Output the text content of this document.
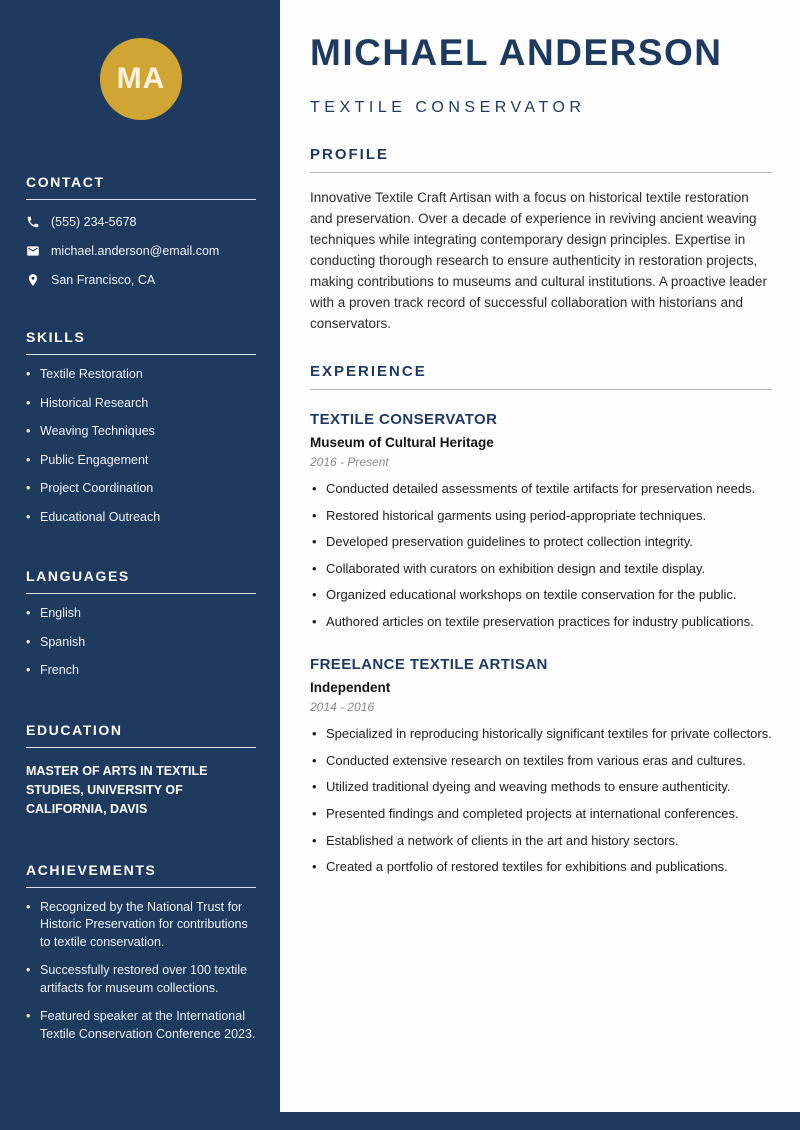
MA
CONTACT
(555) 234-5678
michael.anderson@email.com
San Francisco, CA
SKILLS
• Textile Restoration
• Historical Research
• Weaving Techniques
• Public Engagement
• Project Coordination
• Educational Outreach
LANGUAGES
• English
• Spanish
• French
EDUCATION
MASTER OF ARTS IN TEXTILE STUDIES, UNIVERSITY OF CALIFORNIA, DAVIS
ACHIEVEMENTS
• Recognized by the National Trust for Historic Preservation for contributions to textile conservation.
• Successfully restored over 100 textile artifacts for museum collections.
• Featured speaker at the International Textile Conservation Conference 2023.
MICHAEL ANDERSON
TEXTILE CONSERVATOR
PROFILE

Innovative Textile Craft Artisan with a focus on historical textile restoration and preservation. Over a decade of experience in reviving ancient weaving techniques while integrating contemporary design principles. Expertise in conducting thorough research to ensure authenticity in restoration projects, making contributions to museums and cultural institutions. A proactive leader with a proven track record of successful collaboration with historians and conservators.

EXPERIENCE
TEXTILE CONSERVATOR
Museum of Cultural Heritage
2016 - Present
• Conducted detailed assessments of textile artifacts for preservation needs.
• Restored historical garments using period-appropriate techniques.
• Developed preservation guidelines to protect collection integrity.
• Collaborated with curators on exhibition design and textile display.
• Organized educational workshops on textile conservation for the public.
• Authored articles on textile preservation practices for industry publications.
FREELANCE TEXTILE ARTISAN
Independent
2014 - 2016
• Specialized in reproducing historically significant textiles for private collectors.
• Conducted extensive research on textiles from various eras and cultures.
• Utilized traditional dyeing and weaving methods to ensure authenticity.
• Presented findings and completed projects at international conferences.
• Established a network of clients in the art and history sectors.
• Created a portfolio of restored textiles for exhibitions and publications.
